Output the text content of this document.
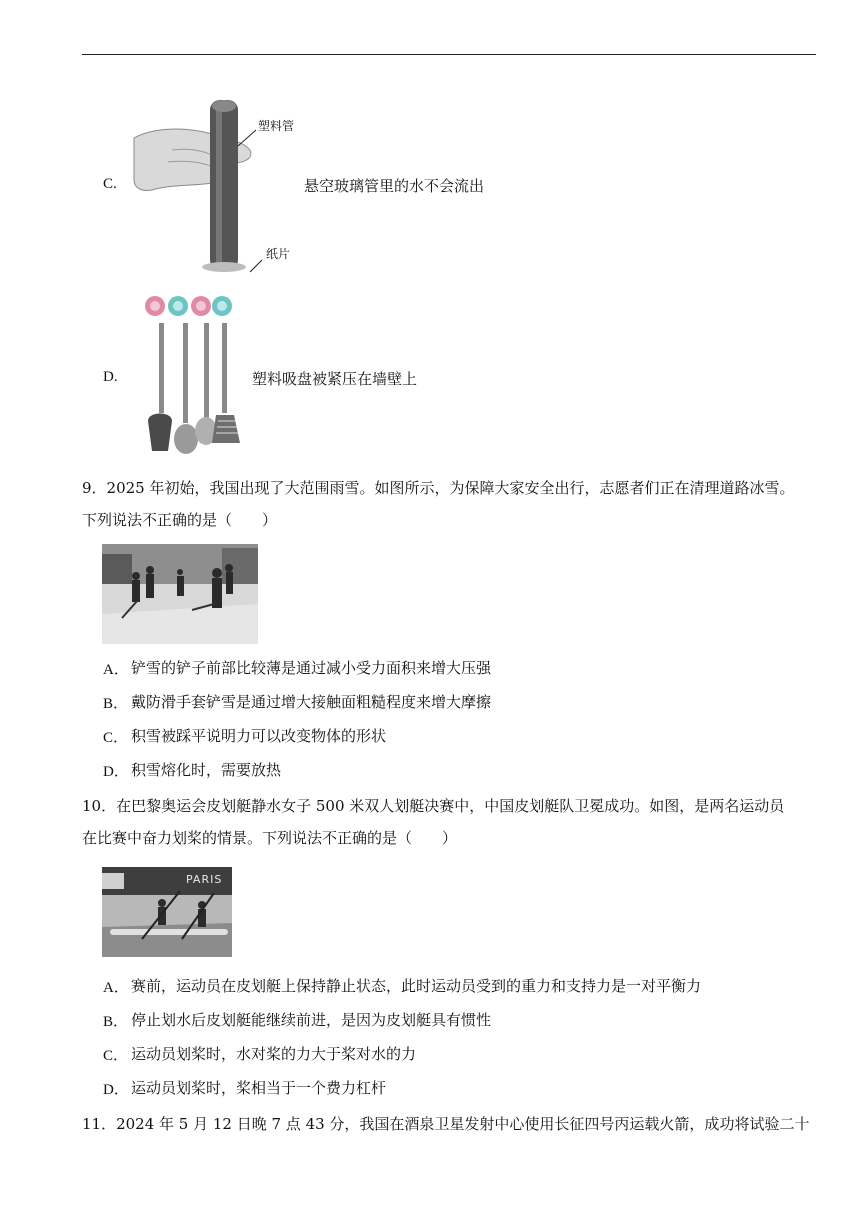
C.
塑料管
纸片
悬空玻璃管里的水不会流出
D.	塑料吸盘被紧压在墙壁上
9．2025 年初始，我国出现了大范围雨雪。如图所示，为保障大家安全出行，志愿者们正在清理道路冰雪。
下列说法不正确的是（　　）
A． 铲雪的铲子前部比较薄是通过减小受力面积来增大压强
B． 戴防滑手套铲雪是通过增大接触面粗糙程度来增大摩擦
C． 积雪被踩平说明力可以改变物体的形状
D． 积雪熔化时，需要放热
10．在巴黎奥运会皮划艇静水女子 500 米双人划艇决赛中，中国皮划艇队卫冕成功。如图，是两名运动员
在比赛中奋力划桨的情景。下列说法不正确的是（　　）
PARIS
A． 赛前，运动员在皮划艇上保持静止状态，此时运动员受到的重力和支持力是一对平衡力
B． 停止划水后皮划艇能继续前进，是因为皮划艇具有惯性
C． 运动员划桨时，水对桨的力大于桨对水的力
D． 运动员划桨时，桨相当于一个费力杠杆
11．2024 年 5 月 12 日晚 7 点 43 分，我国在酒泉卫星发射中心使用长征四号丙运载火箭，成功将试验二十
